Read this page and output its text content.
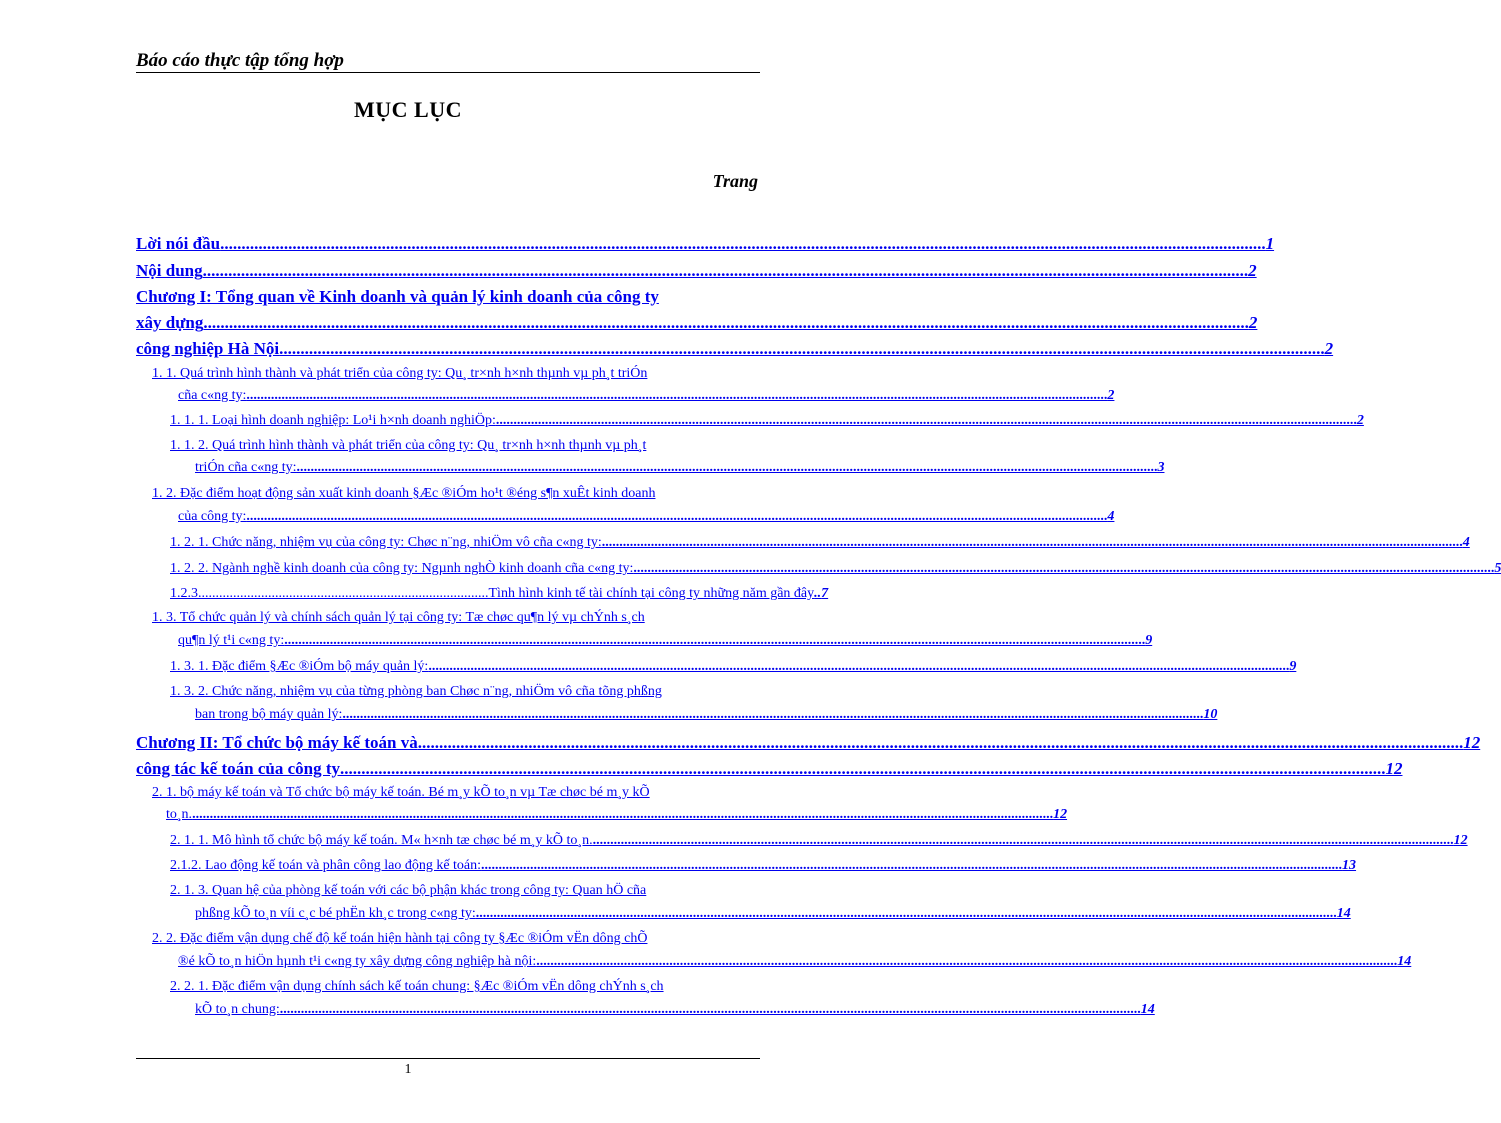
Báo cáo thực tập tổng hợp
MỤC LỤC
Trang
Lời nói đầu .....	1
Nội dung .....	2
Chương I: Tổng quan về Kinh doanh và quản lý kinh doanh của công ty
xây dựng .....	2
công nghiệp Hà Nội .....	2
1. 1. Quá trình hình thành và phát triển của công ty: Qu¸ tr×nh h×nh thµnh vµ ph¸t triÓn
cña c«ng ty: .....	2
1. 1. 1. Loại hình doanh nghiệp: Lo¹i h×nh doanh nghiÖp: .....	2
1. 1. 2. Quá trình hình thành và phát triển của công ty: Qu¸ tr×nh h×nh thµnh vµ ph¸t
triÓn cña c«ng ty: .....	3
1. 2. Đặc điểm hoạt động sản xuất kinh doanh §Æc ®iÓm ho¹t ®éng s¶n xuÊt kinh doanh
của công ty: .....	4
1. 2. 1. Chức năng, nhiệm vụ của công ty: Chøc n¨ng, nhiÖm vô cña c«ng ty: .....	4
1. 2. 2. Ngành nghề kinh doanh của công ty: Ngµnh nghÒ kinh doanh cña c«ng ty: .....	5
1.2.3. .................................................................................. Tình hình kinh tế tài chính tại công ty những năm gần đây .. 7
1. 3. Tổ chức quản lý và chính sách quản lý tại công ty: Tæ chøc qu¶n lý vµ chÝnh s¸ch
qu¶n lý t¹i c«ng ty: .....	9
1. 3. 1. Đặc điểm §Æc ®iÓm bộ máy quản lý: .....	9
1. 3. 2. Chức năng, nhiệm vụ của từng phòng ban Chøc n¨ng, nhiÖm vô cña tõng phßng
ban trong bộ máy quản lý: .....	10
Chương II: Tổ chức bộ máy kế toán và .....	12
công tác kế toán của công ty .....	12
2. 1. bộ máy kế toán và Tổ chức bộ máy kế toán. Bé m¸y kÕ to¸n vµ Tæ chøc bé m¸y kÕ
to¸n. .....	12
2. 1. 1. Mô hình tổ chức bộ máy kế toán. M« h×nh tæ chøc bé m¸y kÕ to¸n. .....	12
2.1.2. Lao động kế toán và phân công lao động kế toán: .....	13
2. 1. 3. Quan hệ của phòng kế toán với các bộ phận khác trong công ty: Quan hÖ cña
phßng kÕ to¸n víi c¸c bé phËn kh¸c trong c«ng ty: .....	14
2. 2. Đặc điểm vận dụng chế độ kế toán hiện hành tại công ty §Æc ®iÓm vËn dông chÕ
®é kÕ to¸n hiÖn hµnh t¹i c«ng ty xây dựng công nghiệp hà nội: .....	14
2. 2. 1. Đặc điểm vận dụng chính sách kế toán chung: §Æc ®iÓm vËn dông chÝnh s¸ch
kÕ to¸n chung: .....	14
1
